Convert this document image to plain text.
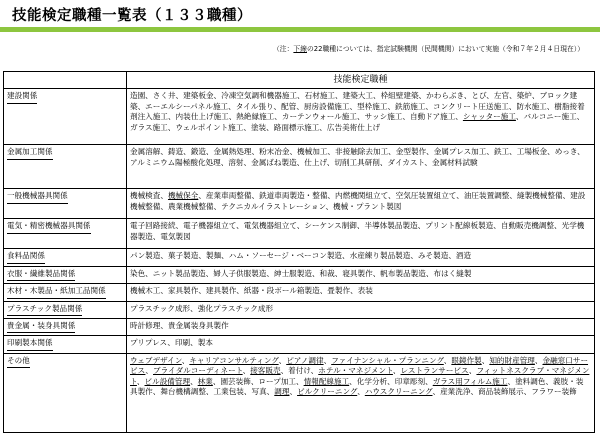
技能検定職種一覧表（１３３職種）
（注：下線の22職種については、指定試験機関（民間機関）において実施（令和７年２月４日現在））
	技能検定職種
建設関係	造園、さく井、建築板金、冷凍空気調和機器施工、石材施工、建築大工、枠組壁建築、かわらぶき、とび、左官、築炉、ブロック建築、エーエルシーパネル施工、タイル張り、配管、厨房設備施工、型枠施工、鉄筋施工、コンクリート圧送施工、防水施工、樹脂接着剤注入施工、内装仕上げ施工、熱絶縁施工、カーテンウォール施工、サッシ施工、自動ドア施工、シャッター施工、バルコニー施工、ガラス施工、ウェルポイント施工、塗装、路面標示施工、広告美術仕上げ
金属加工関係	金属溶解、鋳造、鍛造、金属熱処理、粉末冶金、機械加工、非接触除去加工、金型製作、金属プレス加工、鉄工、工場板金、めっき、アルミニウム陽極酸化処理、溶射、金属ばね製造、仕上げ、切削工具研削、ダイカスト、金属材料試験
一般機械器具関係	機械検査、機械保全、産業車両整備、鉄道車両製造・整備、内燃機関組立て、空気圧装置組立て、油圧装置調整、縫製機械整備、建設機械整備、農業機械整備、テクニカルイラストレーション、機械・プラント製図
電気・精密機械器具関係	電子回路接続、電子機器組立て、電気機器組立て、シーケンス制御、半導体製品製造、プリント配線板製造、自動販売機調整、光学機器製造、電気製図
食料品関係	パン製造、菓子製造、製麺、ハム・ソーセージ・ベーコン製造、水産練り製品製造、みそ製造、酒造
衣服・繊維製品関係	染色、ニット製品製造、婦人子供服製造、紳士服製造、和裁、寝具製作、帆布製品製造、布はく縫製
木材・木製品・紙加工品関係	機械木工、家具製作、建具製作、紙器・段ボール箱製造、畳製作、表装
プラスチック製品関係	プラスチック成形、強化プラスチック成形
貴金属・装身具関係	時計修理、貴金属装身具製作
印刷製本関係	プリプレス、印刷、製本
その他	ウェブデザイン、キャリアコンサルティング、ピアノ調律、ファイナンシャル・プランニング、眼鏡作製、知的財産管理、金融窓口サービス、ブライダルコーディネート、接客販売、着付け、ホテル・マネジメント、レストランサービス、フィットネスクラブ・マネジメント、ビル設備管理、林業、園芸装飾、ロープ加工、情報配線施工、化学分析、印章彫刻、ガラス用フィルム施工、塗料調色、義肢・装具製作、舞台機構調整、工業包装、写真、調理、ビルクリーニング、ハウスクリーニング、産業洗浄、商品装飾展示、フラワー装飾
